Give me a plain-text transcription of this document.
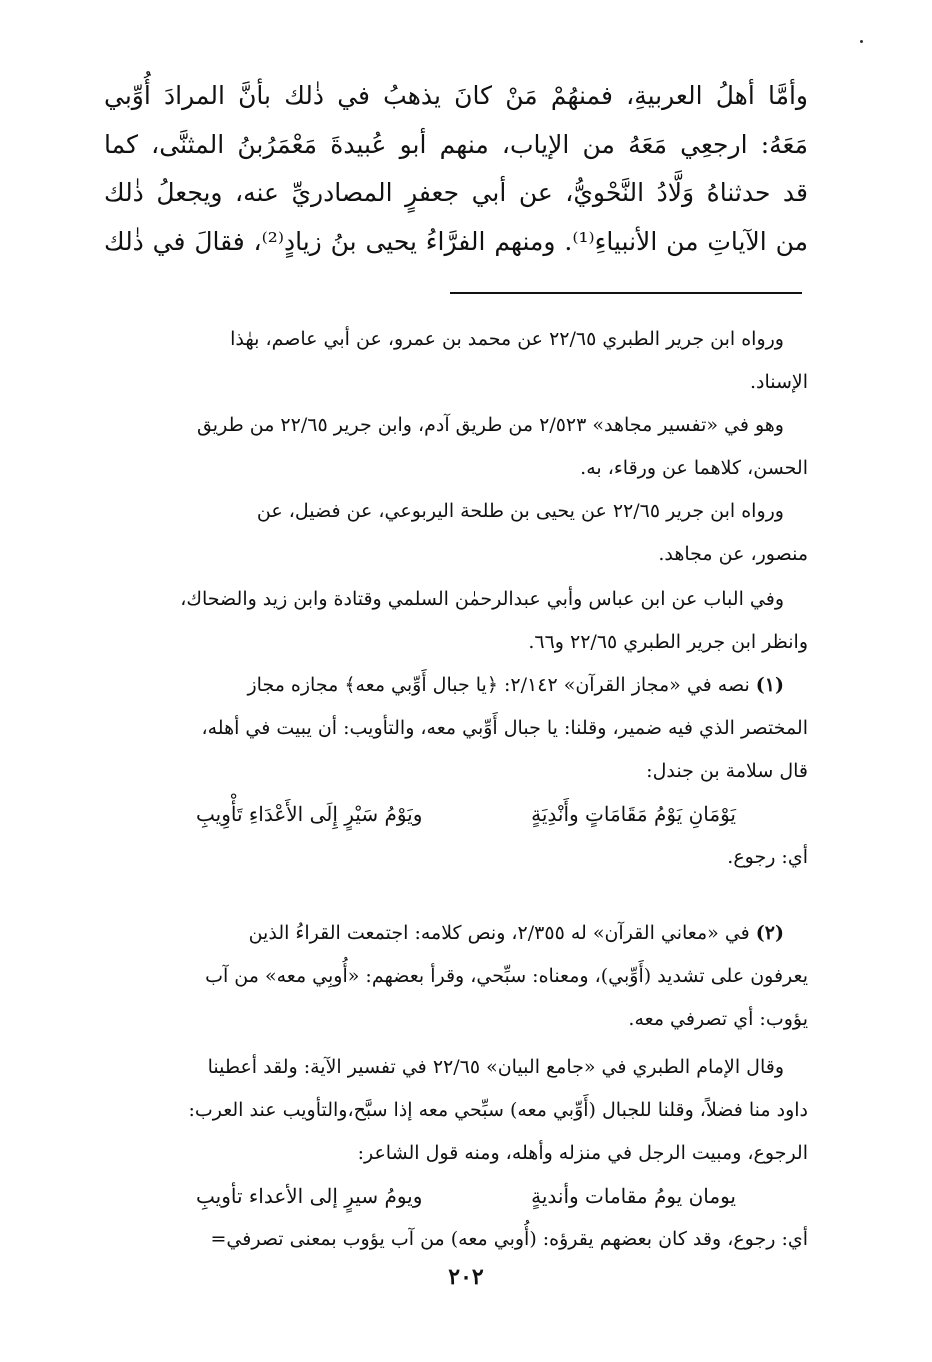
وأمَّا أهلُ العربيةِ، فمنهُمْ مَنْ كانَ يذهبُ في ذٰلك بأنَّ المرادَ أُوِّبي

مَعَهُ: ارجعِي مَعَهُ من الإياب، منهم أبو عُبيدةَ مَعْمَرُبنُ المثنَّى، كما

قد حدثناهُ وَلَّادُ النَّحْويُّ، عن أبي جعفرٍ المصادريِّ عنه، ويجعلُ ذٰلك

من الآياتِ من الأنبياءِ⁽¹⁾. ومنهم الفرَّاءُ يحيى بنُ زيادٍ⁽²⁾، فقالَ في ذٰلك

ورواه ابن جرير الطبري ٢٢/٦٥ عن محمد بن عمرو، عن أبي عاصم، بهٰذا

الإسناد.

وهو في «تفسير مجاهد» ٢/٥٢٣ من طريق آدم، وابن جرير ٢٢/٦٥ من طريق

الحسن، كلاهما عن ورقاء، به.

ورواه ابن جرير ٢٢/٦٥ عن يحيى بن طلحة اليربوعي، عن فضيل، عن

منصور، عن مجاهد.

وفي الباب عن ابن عباس وأبي عبدالرحمٰن السلمي وقتادة وابن زيد والضحاك،

وانظر ابن جرير الطبري ٢٢/٦٥ و٦٦.

(١) نصه في «مجاز القرآن» ٢/١٤٢: ﴿يا جبال أَوِّبي معه﴾ مجازه مجاز

المختصر الذي فيه ضمير، وقلنا: يا جبال أَوِّبي معه، والتأويب: أن يبيت في أهله،

قال سلامة بن جندل:

يَوْمَانِ يَوْمُ مَقَامَاتٍ وأَنْدِيَةٍ
ويَوْمُ سَيْرٍ إِلَى الأَعْدَاءِ تَأْوِيبِ

أي: رجوع.

(٢) في «معاني القرآن» له ٢/٣٥٥، ونص كلامه: اجتمعت القراءُ الذين

يعرفون على تشديد (أَوِّبي)، ومعناه: سبِّحي، وقرأ بعضهم: «أُوبِي معه» من آب

يؤوب: أي تصرفي معه.

وقال الإمام الطبري في «جامع البيان» ٢٢/٦٥ في تفسير الآية: ولقد أعطينا

داود منا فضلاً، وقلنا للجبال (أَوِّبي معه) سبِّحي معه إذا سبَّح،والتأويب عند العرب:

الرجوع، ومبيت الرجل في منزله وأهله، ومنه قول الشاعر:

يومان يومُ مقامات وأنديةٍ
ويومُ سيرٍ إلى الأعداء تأويبِ

أي: رجوع، وقد كان بعضهم يقرؤه: (أُوبي معه) من آب يؤوب بمعنى تصرفي=

٢٠٢
